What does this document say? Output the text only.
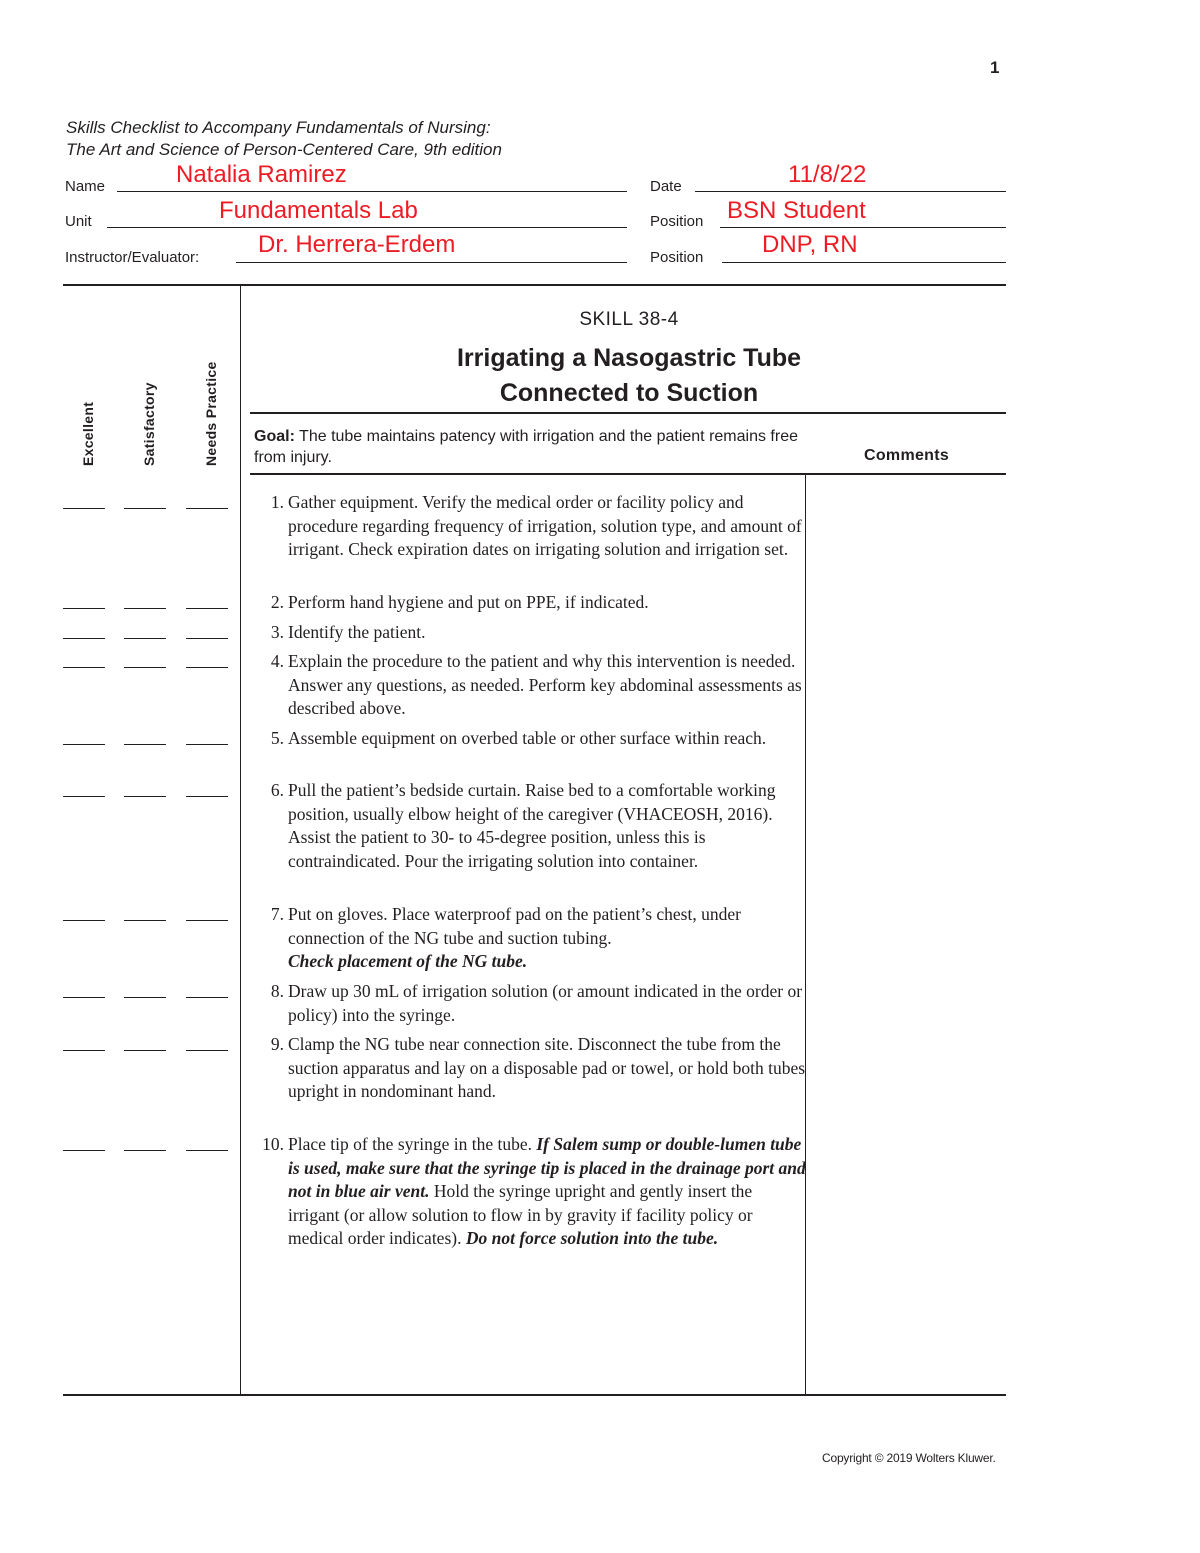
1
Skills Checklist to Accompany Fundamentals of Nursing:
The Art and Science of Person-Centered Care, 9th edition
Name	Natalia Ramirez	Date	11/8/22
Unit	Fundamentals Lab	Position BSN Student
Instructor/Evaluator: Dr. Herrera-Erdem	Position DNP, RN
Excellent	Satisfactory	Needs Practice
SKILL 38-4
Irrigating a Nasogastric Tube
Connected to Suction
Goal: The tube maintains patency with irrigation and the patient remains free from injury.	Comments
1. Gather equipment. Verify the medical order or facility policy and procedure regarding frequency of irrigation, solution type, and amount of irrigant. Check expiration dates on irrigating solution and irrigation set.
2. Perform hand hygiene and put on PPE, if indicated.
3. Identify the patient.
4. Explain the procedure to the patient and why this intervention is needed. Answer any questions, as needed. Perform key abdominal assessments as described above.
5. Assemble equipment on overbed table or other surface within reach.
6. Pull the patient’s bedside curtain. Raise bed to a comfortable working position, usually elbow height of the caregiver (VHACEOSH, 2016). Assist the patient to 30- to 45-degree position, unless this is contraindicated. Pour the irrigating solution into container.
7. Put on gloves. Place waterproof pad on the patient’s chest, under connection of the NG tube and suction tubing.
Check placement of the NG tube.
8. Draw up 30 mL of irrigation solution (or amount indicated in the order or policy) into the syringe.
9. Clamp the NG tube near connection site. Disconnect the tube from the suction apparatus and lay on a disposable pad or towel, or hold both tubes upright in nondominant hand.
10. Place tip of the syringe in the tube. If Salem sump or double-lumen tube is used, make sure that the syringe tip is placed in the drainage port and not in blue air vent. Hold the syringe upright and gently insert the irrigant (or allow solution to flow in by gravity if facility policy or medical order indicates). Do not force solution into the tube.
Copyright © 2019 Wolters Kluwer.
